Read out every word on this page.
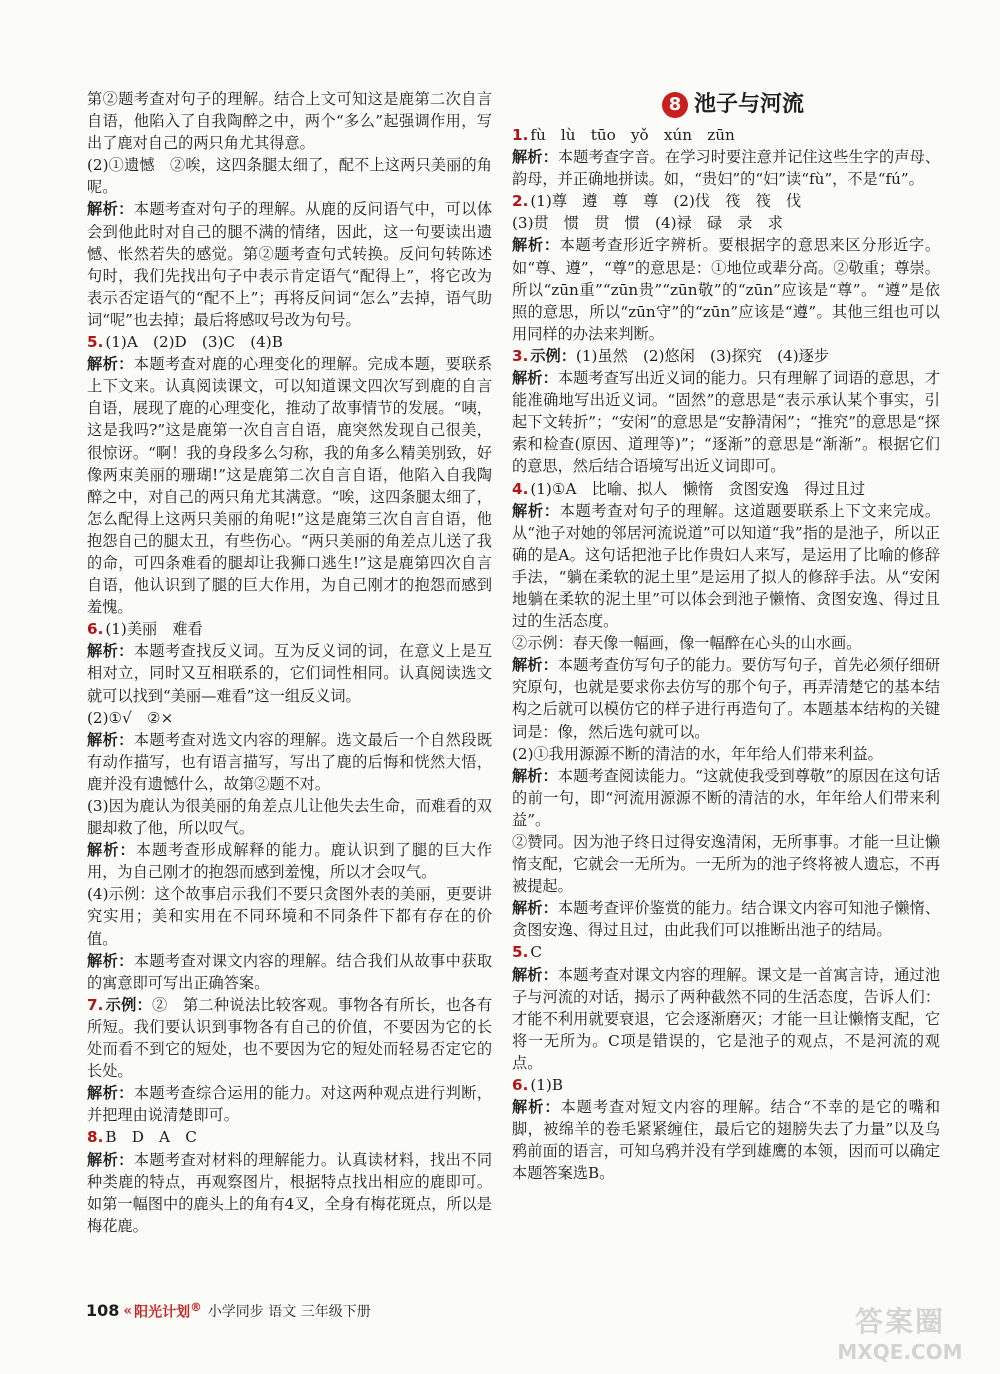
第②题考查对句子的理解。结合上文可知这是鹿第二次自言自语，他陷入了自我陶醉之中，两个“多么”起强调作用，写出了鹿对自己的两只角尤其得意。

(2)①遗憾　②唉，这四条腿太细了，配不上这两只美丽的角呢。

解析：本题考查对句子的理解。从鹿的反问语气中，可以体会到他此时对自己的腿不满的情绪，因此，这一句要读出遗憾、怅然若失的感觉。第②题考查句式转换。反问句转陈述句时，我们先找出句子中表示肯定语气“配得上”，将它改为表示否定语气的“配不上”；再将反问词“怎么”去掉，语气助词“呢”也去掉；最后将感叹号改为句号。

5. (1)A　(2)D　(3)C　(4)B

解析：本题考查对鹿的心理变化的理解。完成本题，要联系上下文来。认真阅读课文，可以知道课文四次写到鹿的自言自语，展现了鹿的心理变化，推动了故事情节的发展。“咦，这是我吗?”这是鹿第一次自言自语，鹿突然发现自己很美，很惊讶。“啊！我的身段多么匀称，我的角多么精美别致，好像两束美丽的珊瑚!”这是鹿第二次自言自语，他陷入自我陶醉之中，对自己的两只角尤其满意。“唉，这四条腿太细了，怎么配得上这两只美丽的角呢!”这是鹿第三次自言自语，他抱怨自己的腿太丑，有些伤心。“两只美丽的角差点儿送了我的命，可四条难看的腿却让我狮口逃生!”这是鹿第四次自言自语，他认识到了腿的巨大作用，为自己刚才的抱怨而感到羞愧。

6. (1)美丽　难看

解析：本题考查找反义词。互为反义词的词，在意义上是互相对立，同时又互相联系的，它们词性相同。认真阅读选文就可以找到“美丽—难看”这一组反义词。

(2)①√　②×

解析：本题考查对选文内容的理解。选文最后一个自然段既有动作描写，也有语言描写，写出了鹿的后悔和恍然大悟，鹿并没有遗憾什么，故第②题不对。

(3)因为鹿认为很美丽的角差点儿让他失去生命，而难看的双腿却救了他，所以叹气。

解析：本题考查形成解释的能力。鹿认识到了腿的巨大作用，为自己刚才的抱怨而感到羞愧，所以才会叹气。

(4)示例：这个故事启示我们不要只贪图外表的美丽，更要讲究实用；美和实用在不同环境和不同条件下都有存在的价值。

解析：本题考查对课文内容的理解。结合我们从故事中获取的寓意即可写出正确答案。

7. 示例：②　第二种说法比较客观。事物各有所长，也各有所短。我们要认识到事物各有自己的价值，不要因为它的长处而看不到它的短处，也不要因为它的短处而轻易否定它的长处。

解析：本题考查综合运用的能力。对这两种观点进行判断，并把理由说清楚即可。

8. B　D　A　C

解析：本题考查对材料的理解能力。认真读材料，找出不同种类鹿的特点，再观察图片，根据特点找出相应的鹿即可。如第一幅图中的鹿头上的角有4叉，全身有梅花斑点，所以是梅花鹿。

8 池子与河流

1. fù　lù　tūo　yǒ　xún　zūn

解析：本题考查字音。在学习时要注意并记住这些生字的声母、韵母，并正确地拼读。如，“贵妇”的“妇”读“fù”，不是“fú”。

2. (1)尊　遵　尊　尊　(2)伐　筏　筏　伐

(3)贯　惯　贯　惯　(4)禄　碌　录　求

解析：本题考查形近字辨析。要根据字的意思来区分形近字。如“尊、遵”，“尊”的意思是：①地位或辈分高。②敬重；尊崇。所以“zūn重”“zūn贵”“zūn敬”的“zūn”应该是“尊”。“遵”是依照的意思，所以“zūn守”的“zūn”应该是“遵”。其他三组也可以用同样的办法来判断。

3. 示例：(1)虽然　(2)悠闲　(3)探究　(4)逐步

解析：本题考查写出近义词的能力。只有理解了词语的意思，才能准确地写出近义词。“固然”的意思是“表示承认某个事实，引起下文转折”；“安闲”的意思是“安静清闲”；“推究”的意思是“探索和检查(原因、道理等)”；“逐渐”的意思是“渐渐”。根据它们的意思，然后结合语境写出近义词即可。

4. (1)①A　比喻、拟人　懒惰　贪图安逸　得过且过

解析：本题考查对句子的理解。这道题要联系上下文来完成。从“池子对她的邻居河流说道”可以知道“我”指的是池子，所以正确的是A。这句话把池子比作贵妇人来写，是运用了比喻的修辞手法，“躺在柔软的泥土里”是运用了拟人的修辞手法。从“安闲地躺在柔软的泥土里”可以体会到池子懒惰、贪图安逸、得过且过的生活态度。

②示例：春天像一幅画，像一幅醉在心头的山水画。

解析：本题考查仿写句子的能力。要仿写句子，首先必须仔细研究原句，也就是要求你去仿写的那个句子，再弄清楚它的基本结构之后就可以模仿它的样子进行再造句了。本题基本结构的关键词是：像，然后选句就可以。

(2)①我用源源不断的清洁的水，年年给人们带来利益。

解析：本题考查阅读能力。“这就使我受到尊敬”的原因在这句话的前一句，即“河流用源源不断的清洁的水，年年给人们带来利益”。

②赞同。因为池子终日过得安逸清闲，无所事事。才能一旦让懒惰支配，它就会一无所为。一无所为的池子终将被人遗忘，不再被提起。

解析：本题考查评价鉴赏的能力。结合课文内容可知池子懒惰、贪图安逸、得过且过，由此我们可以推断出池子的结局。

5. C

解析：本题考查对课文内容的理解。课文是一首寓言诗，通过池子与河流的对话，揭示了两种截然不同的生活态度，告诉人们：才能不利用就要衰退，它会逐渐磨灭；才能一旦让懒惰支配，它将一无所为。C项是错误的，它是池子的观点，不是河流的观点。

6. (1)B

解析：本题考查对短文内容的理解。结合“不幸的是它的嘴和脚，被绵羊的卷毛紧紧缠住，最后它的翅膀失去了力量”以及乌鸦前面的语言，可知乌鸦并没有学到雄鹰的本领，因而可以确定本题答案选B。

108 « 阳光计划® 小学同步 语文 三年级下册	答案圈
MXQE.COM
